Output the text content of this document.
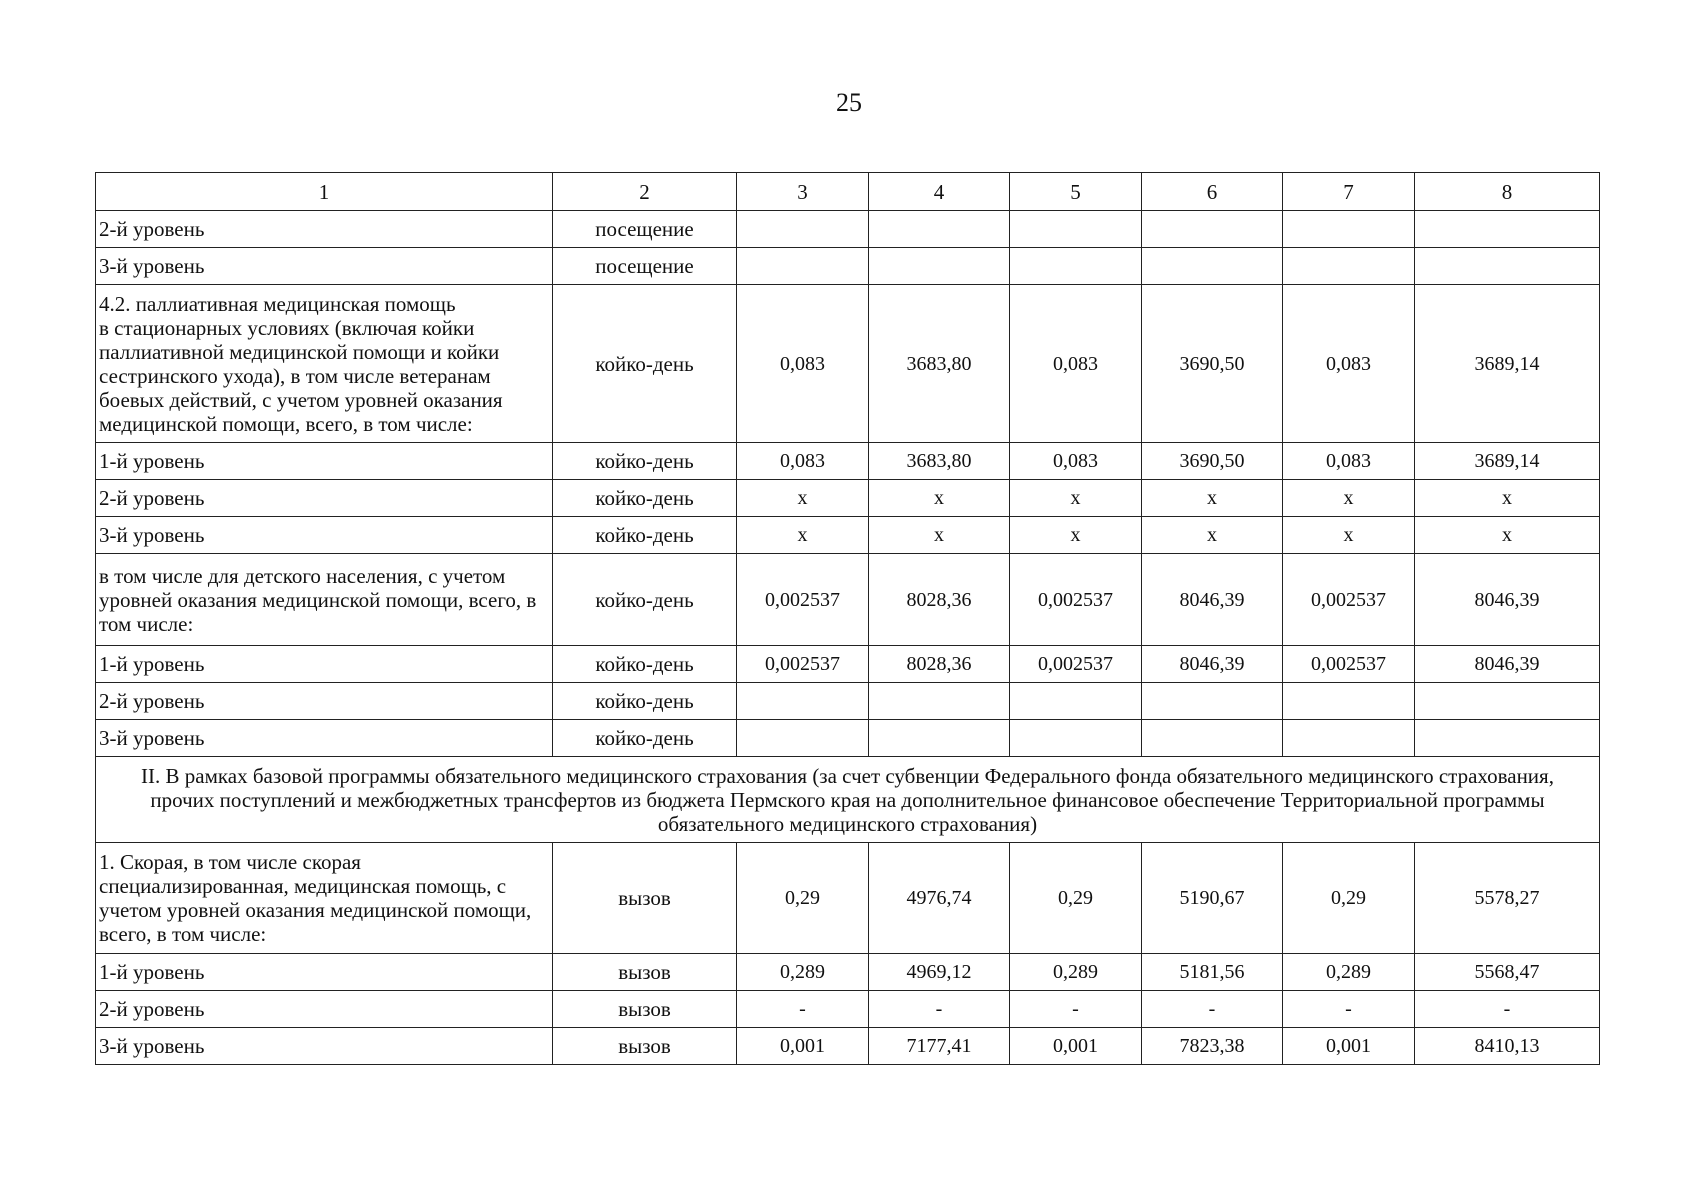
25
1	2	3	4	5	6	7	8
2-й уровень	посещение						
3-й уровень	посещение						
4.2. паллиативная медицинская помощь
в стационарных условиях (включая койки паллиативной медицинской помощи и койки сестринского ухода), в том числе ветеранам боевых действий, с учетом уровней оказания медицинской помощи, всего, в том числе:	койко-день	0,083	3683,80	0,083	3690,50	0,083	3689,14
1-й уровень	койко-день	0,083	3683,80	0,083	3690,50	0,083	3689,14
2-й уровень	койко-день	х	х	х	х	х	х
3-й уровень	койко-день	х	х	х	х	х	х
в том числе для детского населения, с учетом уровней оказания медицинской помощи, всего, в том числе:	койко-день	0,002537	8028,36	0,002537	8046,39	0,002537	8046,39
1-й уровень	койко-день	0,002537	8028,36	0,002537	8046,39	0,002537	8046,39
2-й уровень	койко-день						
3-й уровень	койко-день						
II. В рамках базовой программы обязательного медицинского страхования (за счет субвенции Федерального фонда обязательного медицинского страхования, прочих поступлений и межбюджетных трансфертов из бюджета Пермского края на дополнительное финансовое обеспечение Территориальной программы обязательного медицинского страхования)							
1. Скорая, в том числе скорая специализированная, медицинская помощь, с учетом уровней оказания медицинской помощи, всего, в том числе:	вызов	0,29	4976,74	0,29	5190,67	0,29	5578,27
1-й уровень	вызов	0,289	4969,12	0,289	5181,56	0,289	5568,47
2-й уровень	вызов	-	-	-	-	-	-
3-й уровень	вызов	0,001	7177,41	0,001	7823,38	0,001	8410,13
